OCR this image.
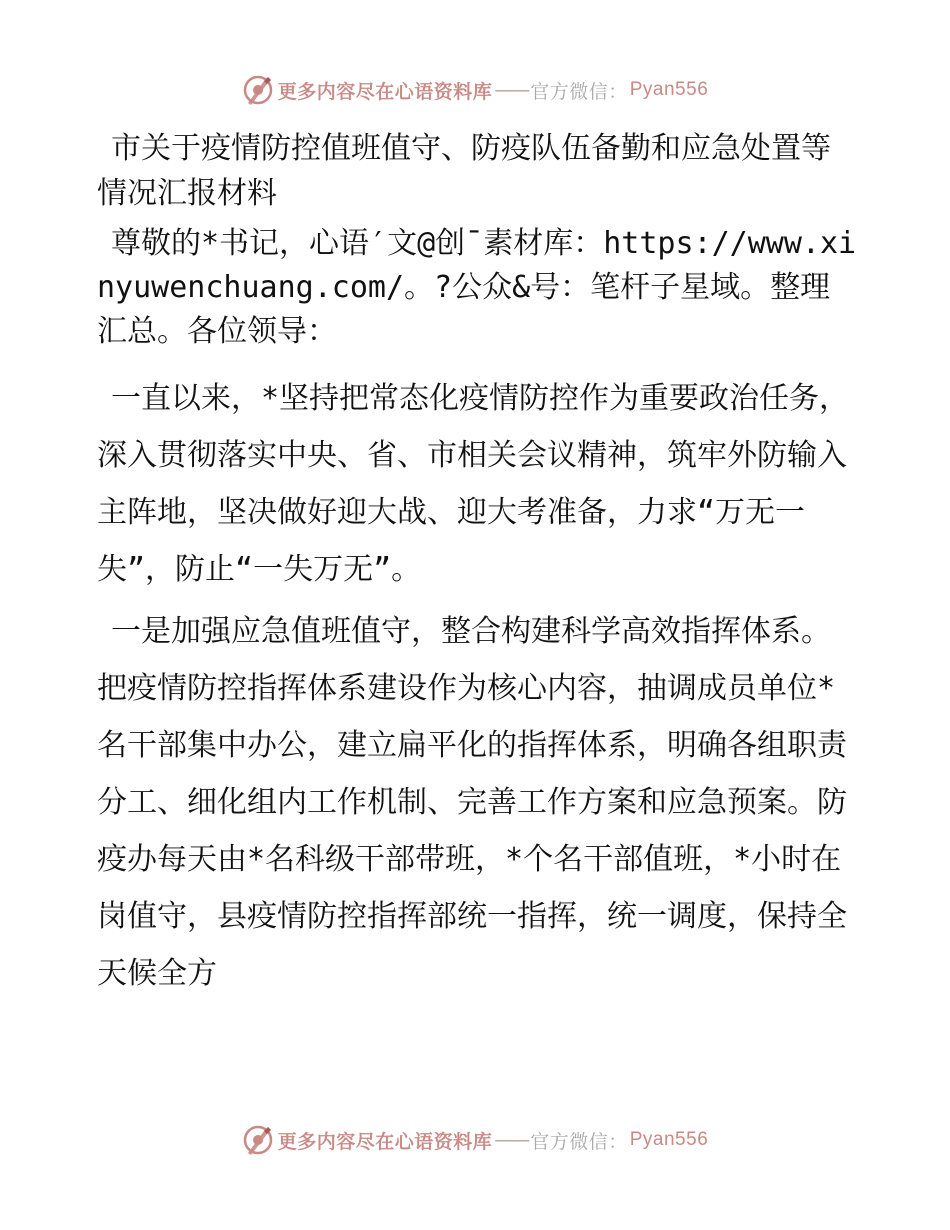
更多内容尽在心语资料库 —— 官方微信： Pyan556

市关于疫情防控值班值守、防疫队伍备勤和应急处置等情况汇报材料

尊敬的*书记，心语′文@创¯素材库：https://www.xinyuwenchuang.com/。?公众&号：笔杆子星域。整理汇总。各位领导：

一直以来，*坚持把常态化疫情防控作为重要政治任务，深入贯彻落实中央、省、市相关会议精神，筑牢外防输入主阵地，坚决做好迎大战、迎大考准备，力求“万无一失”，防止“一失万无”。

一是加强应急值班值守，整合构建科学高效指挥体系。把疫情防控指挥体系建设作为核心内容，抽调成员单位*名干部集中办公，建立扁平化的指挥体系，明确各组职责分工、细化组内工作机制、完善工作方案和应急预案。防疫办每天由*名科级干部带班，*个名干部值班，*小时在岗值守，县疫情防控指挥部统一指挥，统一调度，保持全天候全方

更多内容尽在心语资料库 —— 官方微信： Pyan556
